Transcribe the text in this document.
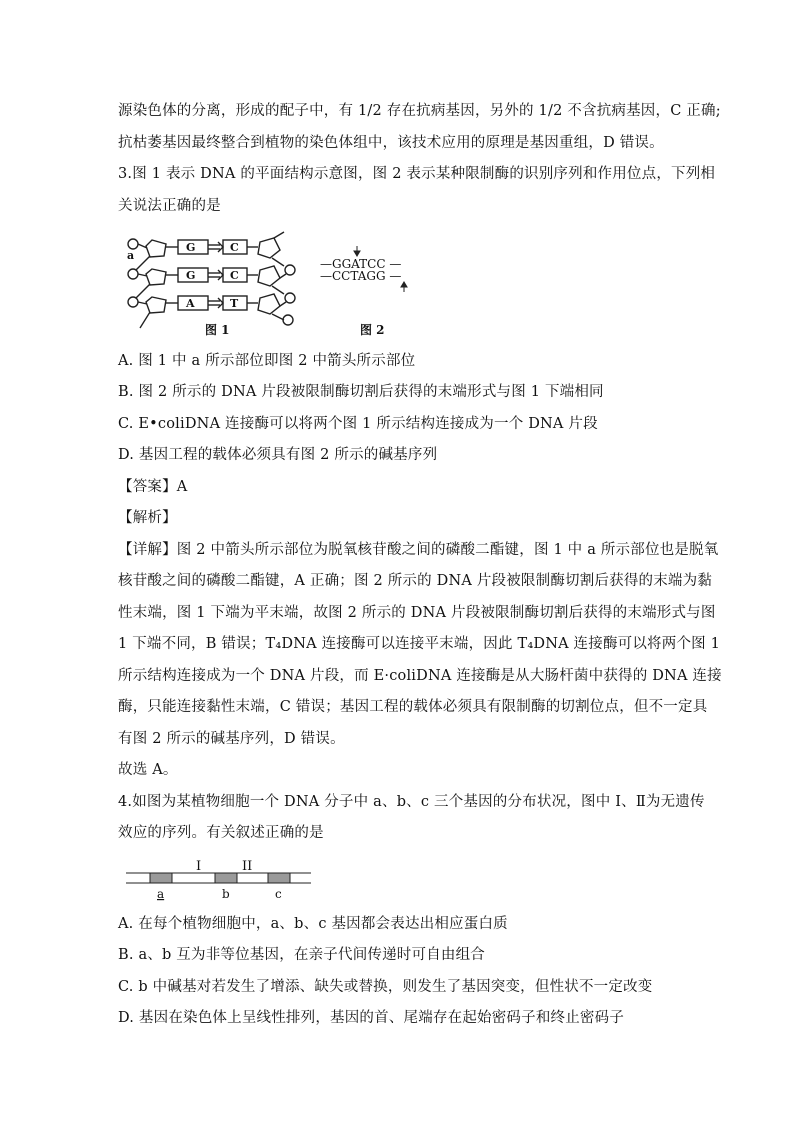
源染色体的分离，形成的配子中，有 1/2 存在抗病基因，另外的 1/2 不含抗病基因，C 正确;
抗枯萎基因最终整合到植物的染色体组中，该技术应用的原理是基因重组，D 错误。
3.图 1 表示 DNA 的平面结构示意图，图 2 表示某种限制酶的识别序列和作用位点，下列相
关说法正确的是
a
G
G
A
C
C
T
图 1
—GGATCC —
—CCTAGG —
图 2
A. 图 1 中 a 所示部位即图 2 中箭头所示部位
B. 图 2 所示的 DNA 片段被限制酶切割后获得的末端形式与图 1 下端相同
C. E•coliDNA 连接酶可以将两个图 1 所示结构连接成为一个 DNA 片段
D. 基因工程的载体必须具有图 2 所示的碱基序列
【答案】A
【解析】
【详解】图 2 中箭头所示部位为脱氧核苷酸之间的磷酸二酯键，图 1 中 a 所示部位也是脱氧
核苷酸之间的磷酸二酯键，A 正确；图 2 所示的 DNA 片段被限制酶切割后获得的末端为黏
性末端，图 1 下端为平末端，故图 2 所示的 DNA 片段被限制酶切割后获得的末端形式与图
1 下端不同，B 错误；T₄DNA 连接酶可以连接平末端，因此 T₄DNA 连接酶可以将两个图 1
所示结构连接成为一个 DNA 片段，而 E·coliDNA 连接酶是从大肠杆菌中获得的 DNA 连接
酶，只能连接黏性末端，C 错误；基因工程的载体必须具有限制酶的切割位点，但不一定具
有图 2 所示的碱基序列，D 错误。
故选 A。
4.如图为某植物细胞一个 DNA 分子中 a、b、c 三个基因的分布状况，图中 Ⅰ、Ⅱ为无遗传
效应的序列。有关叙述正确的是
I	II
a	b	c
A. 在每个植物细胞中，a、b、c 基因都会表达出相应蛋白质
B. a、b 互为非等位基因，在亲子代间传递时可自由组合
C. b 中碱基对若发生了增添、缺失或替换，则发生了基因突变，但性状不一定改变
D. 基因在染色体上呈线性排列，基因的首、尾端存在起始密码子和终止密码子
